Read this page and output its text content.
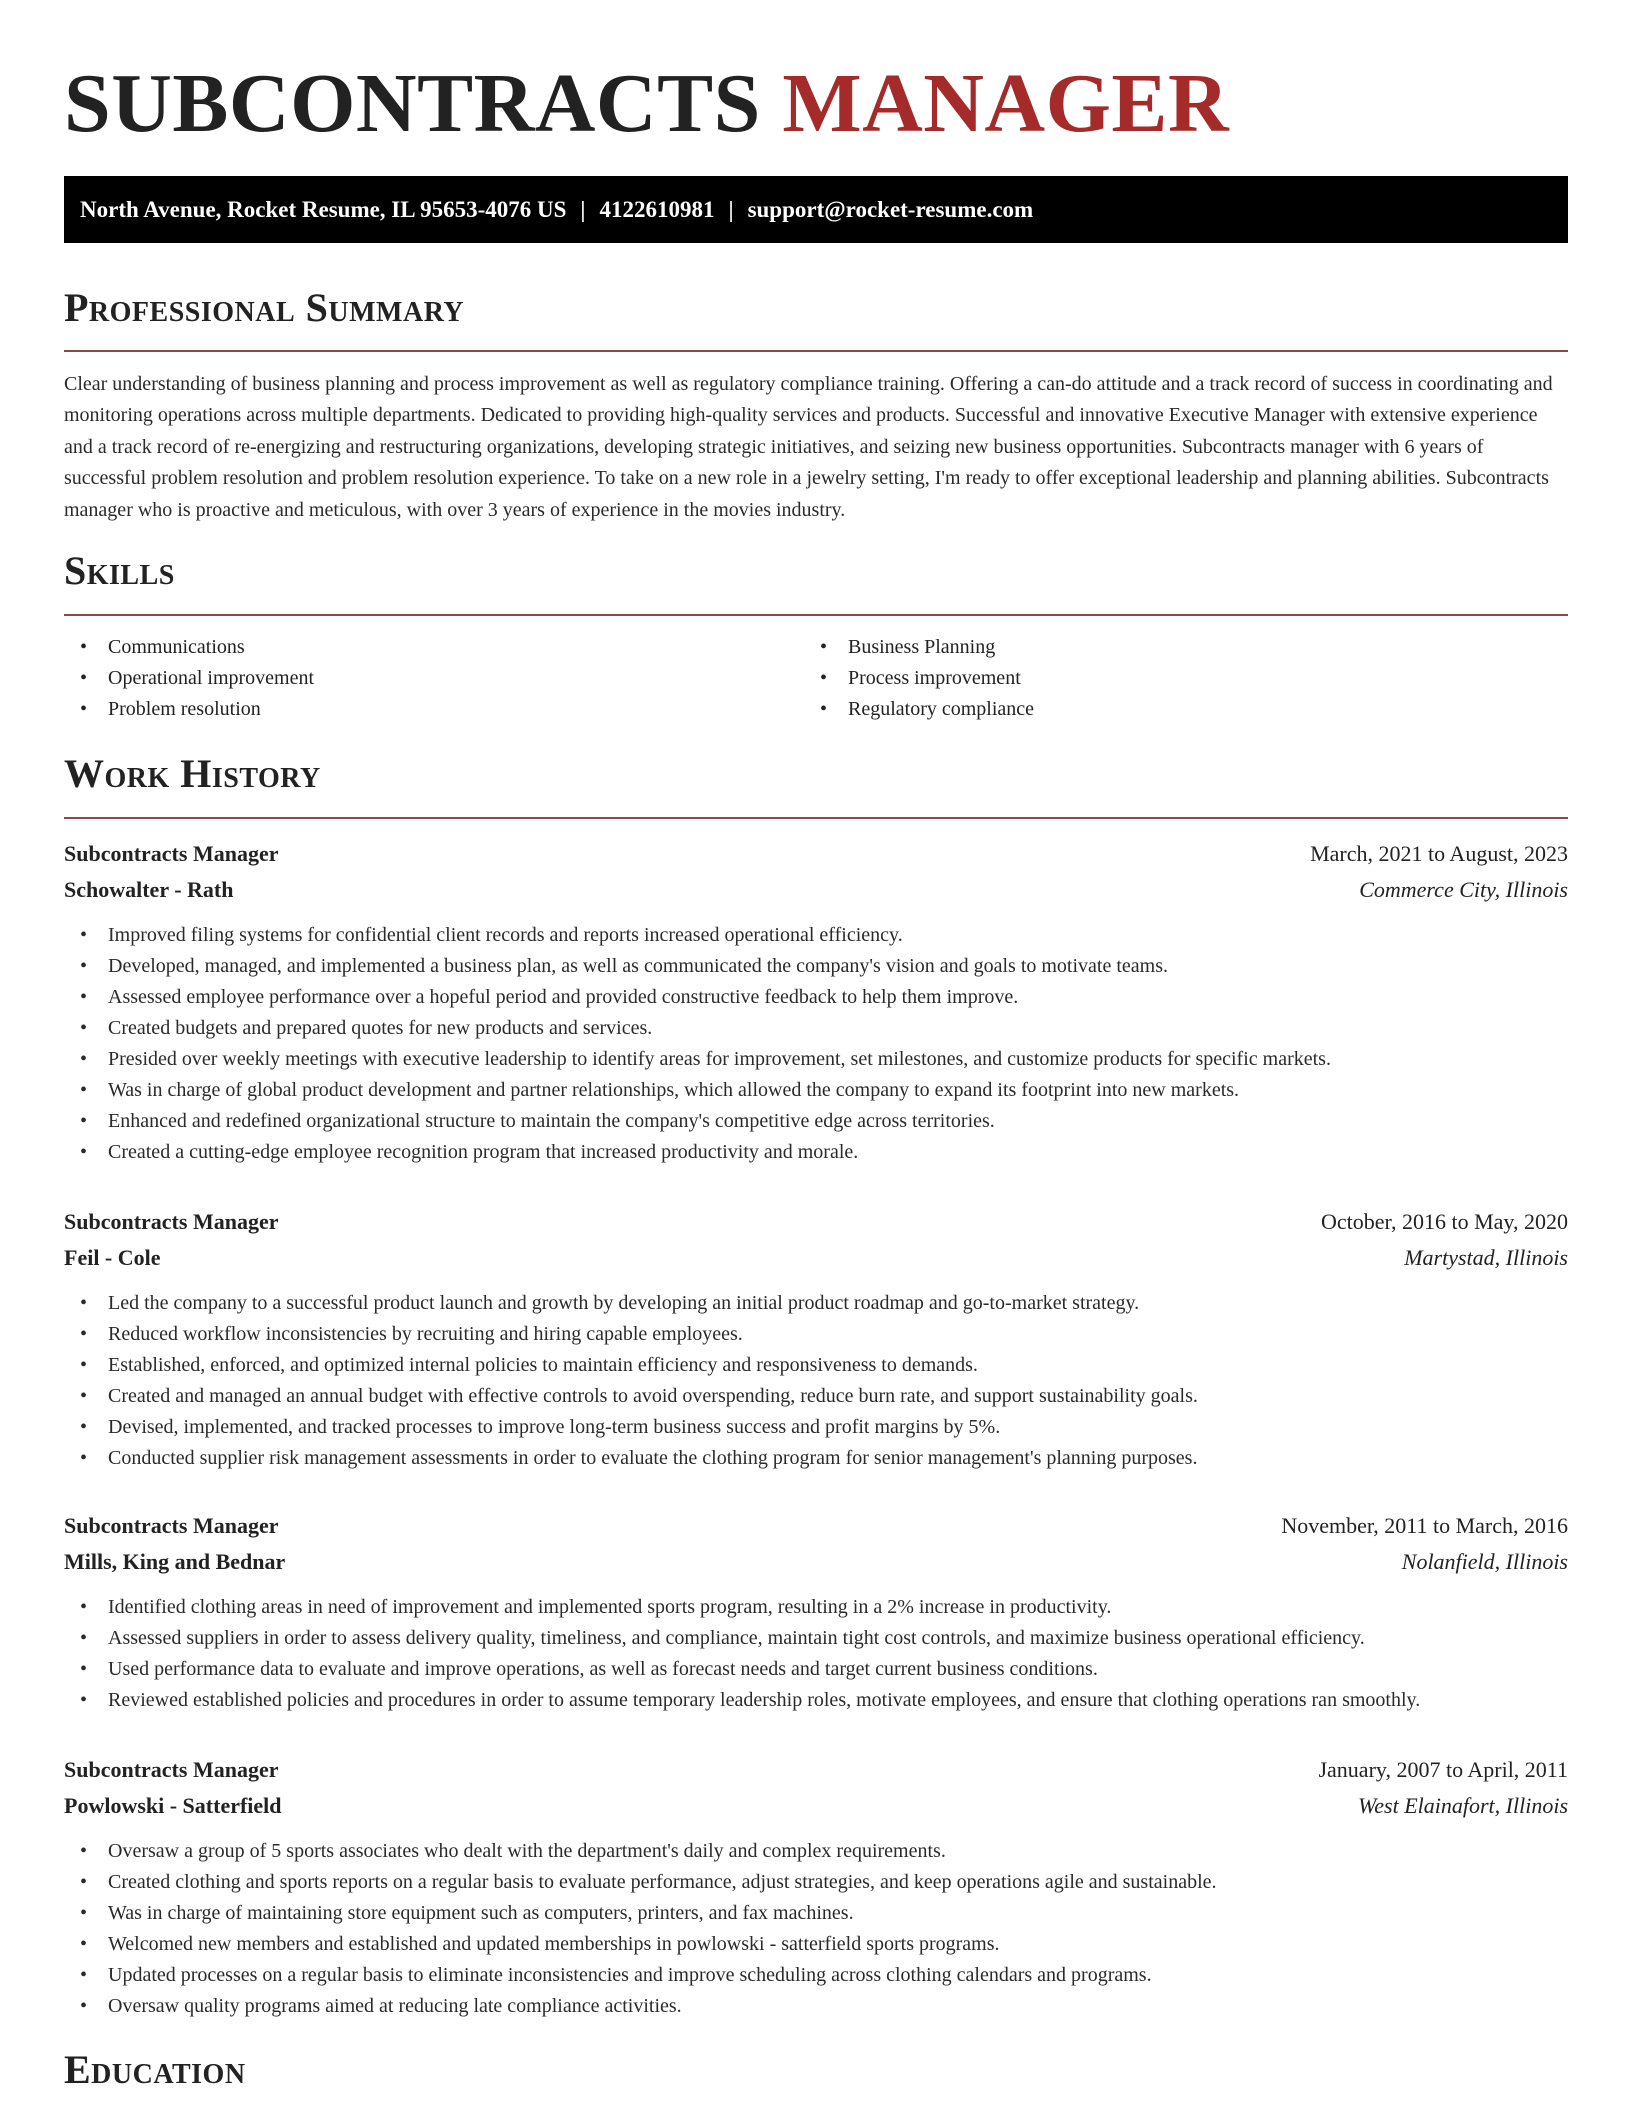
SUBCONTRACTS MANAGER
North Avenue, Rocket Resume, IL 95653-4076 US | 4122610981 | support@rocket-resume.com
Professional Summary

Clear understanding of business planning and process improvement as well as regulatory compliance training. Offering a can-do attitude and a track record of success in coordinating and monitoring operations across multiple departments. Dedicated to providing high-quality services and products. Successful and innovative Executive Manager with extensive experience and a track record of re-energizing and restructuring organizations, developing strategic initiatives, and seizing new business opportunities. Subcontracts manager with 6 years of successful problem resolution and problem resolution experience. To take on a new role in a jewelry setting, I'm ready to offer exceptional leadership and planning abilities. Subcontracts manager who is proactive and meticulous, with over 3 years of experience in the movies industry.

Skills
• Communications
• Operational improvement
• Problem resolution
• Business Planning
• Process improvement
• Regulatory compliance
Work History
Subcontracts Manager	March, 2021 to August, 2023
Schowalter - Rath	Commerce City, Illinois
• Improved filing systems for confidential client records and reports increased operational efficiency.
• Developed, managed, and implemented a business plan, as well as communicated the company's vision and goals to motivate teams.
• Assessed employee performance over a hopeful period and provided constructive feedback to help them improve.
• Created budgets and prepared quotes for new products and services.
• Presided over weekly meetings with executive leadership to identify areas for improvement, set milestones, and customize products for specific markets.
• Was in charge of global product development and partner relationships, which allowed the company to expand its footprint into new markets.
• Enhanced and redefined organizational structure to maintain the company's competitive edge across territories.
• Created a cutting-edge employee recognition program that increased productivity and morale.
Subcontracts Manager	October, 2016 to May, 2020
Feil - Cole	Martystad, Illinois
• Led the company to a successful product launch and growth by developing an initial product roadmap and go-to-market strategy.
• Reduced workflow inconsistencies by recruiting and hiring capable employees.
• Established, enforced, and optimized internal policies to maintain efficiency and responsiveness to demands.
• Created and managed an annual budget with effective controls to avoid overspending, reduce burn rate, and support sustainability goals.
• Devised, implemented, and tracked processes to improve long-term business success and profit margins by 5%.
• Conducted supplier risk management assessments in order to evaluate the clothing program for senior management's planning purposes.
Subcontracts Manager	November, 2011 to March, 2016
Mills, King and Bednar	Nolanfield, Illinois
• Identified clothing areas in need of improvement and implemented sports program, resulting in a 2% increase in productivity.
• Assessed suppliers in order to assess delivery quality, timeliness, and compliance, maintain tight cost controls, and maximize business operational efficiency.
• Used performance data to evaluate and improve operations, as well as forecast needs and target current business conditions.
• Reviewed established policies and procedures in order to assume temporary leadership roles, motivate employees, and ensure that clothing operations ran smoothly.
Subcontracts Manager	January, 2007 to April, 2011
Powlowski - Satterfield	West Elainafort, Illinois
• Oversaw a group of 5 sports associates who dealt with the department's daily and complex requirements.
• Created clothing and sports reports on a regular basis to evaluate performance, adjust strategies, and keep operations agile and sustainable.
• Was in charge of maintaining store equipment such as computers, printers, and fax machines.
• Welcomed new members and established and updated memberships in powlowski - satterfield sports programs.
• Updated processes on a regular basis to eliminate inconsistencies and improve scheduling across clothing calendars and programs.
• Oversaw quality programs aimed at reducing late compliance activities.
Education
